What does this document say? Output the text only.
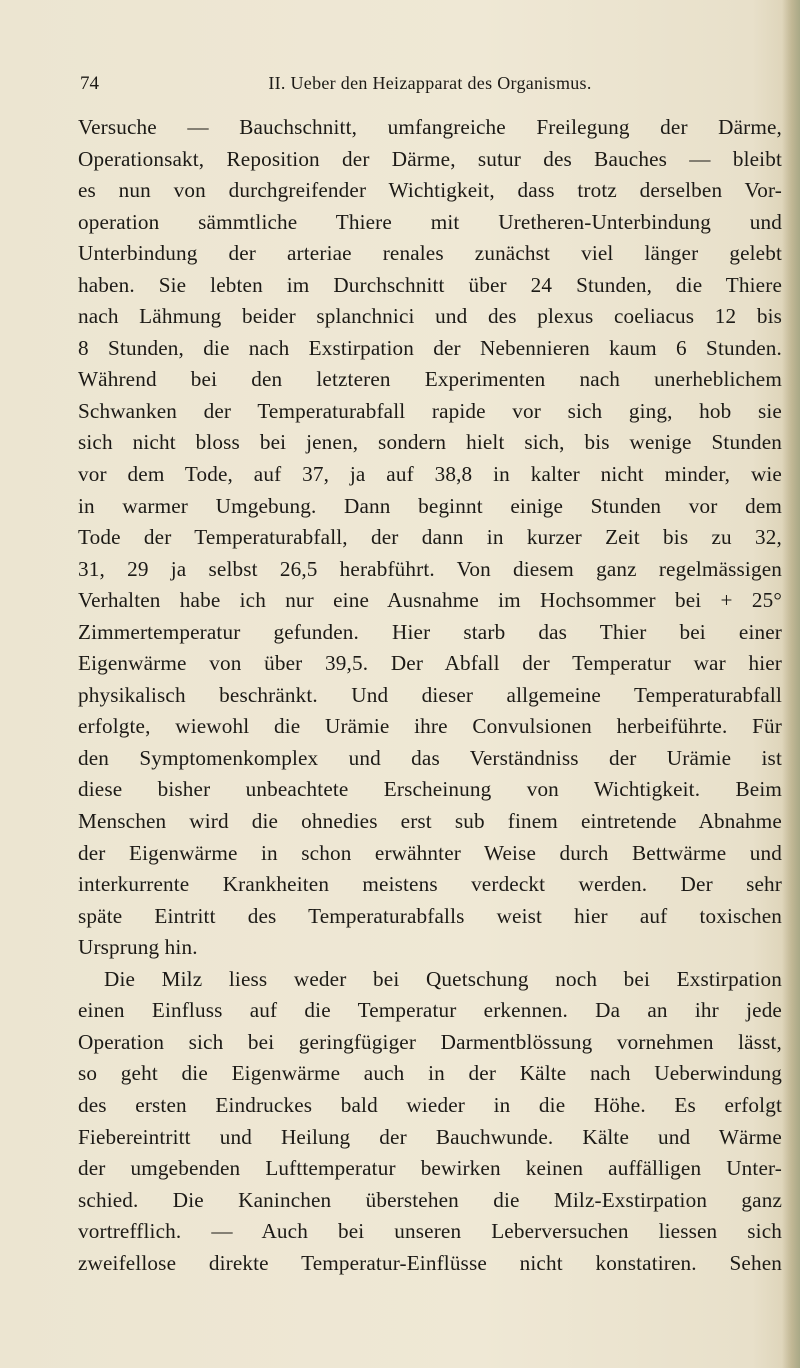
74	II. Ueber den Heizapparat des Organismus.
Versuche — Bauchschnitt, umfangreiche Freilegung der Därme,
Operationsakt, Reposition der Därme, sutur des Bauches — bleibt
es nun von durchgreifender Wichtigkeit, dass trotz derselben Vor-
operation sämmtliche Thiere mit Uretheren-Unterbindung und
Unterbindung der arteriae renales zunächst viel länger gelebt
haben. Sie lebten im Durchschnitt über 24 Stunden, die Thiere
nach Lähmung beider splanchnici und des plexus coeliacus 12 bis
8 Stunden, die nach Exstirpation der Nebennieren kaum 6 Stunden.
Während bei den letzteren Experimenten nach unerheblichem
Schwanken der Temperaturabfall rapide vor sich ging, hob sie
sich nicht bloss bei jenen, sondern hielt sich, bis wenige Stunden
vor dem Tode, auf 37, ja auf 38,8 in kalter nicht minder, wie
in warmer Umgebung. Dann beginnt einige Stunden vor dem
Tode der Temperaturabfall, der dann in kurzer Zeit bis zu 32,
31, 29 ja selbst 26,5 herabführt. Von diesem ganz regelmässigen
Verhalten habe ich nur eine Ausnahme im Hochsommer bei + 25°
Zimmertemperatur gefunden. Hier starb das Thier bei einer
Eigenwärme von über 39,5. Der Abfall der Temperatur war hier
physikalisch beschränkt. Und dieser allgemeine Temperaturabfall
erfolgte, wiewohl die Urämie ihre Convulsionen herbeiführte. Für
den Symptomenkomplex und das Verständniss der Urämie ist
diese bisher unbeachtete Erscheinung von Wichtigkeit. Beim
Menschen wird die ohnedies erst sub finem eintretende Abnahme
der Eigenwärme in schon erwähnter Weise durch Bettwärme und
interkurrente Krankheiten meistens verdeckt werden. Der sehr
späte Eintritt des Temperaturabfalls weist hier auf toxischen
Ursprung hin.
Die Milz liess weder bei Quetschung noch bei Exstirpation
einen Einfluss auf die Temperatur erkennen. Da an ihr jede
Operation sich bei geringfügiger Darmentblössung vornehmen lässt,
so geht die Eigenwärme auch in der Kälte nach Ueberwindung
des ersten Eindruckes bald wieder in die Höhe. Es erfolgt
Fiebereintritt und Heilung der Bauchwunde. Kälte und Wärme
der umgebenden Lufttemperatur bewirken keinen auffälligen Unter-
schied. Die Kaninchen überstehen die Milz-Exstirpation ganz
vortrefflich. — Auch bei unseren Leberversuchen liessen sich
zweifellose direkte Temperatur-Einflüsse nicht konstatiren. Sehen
